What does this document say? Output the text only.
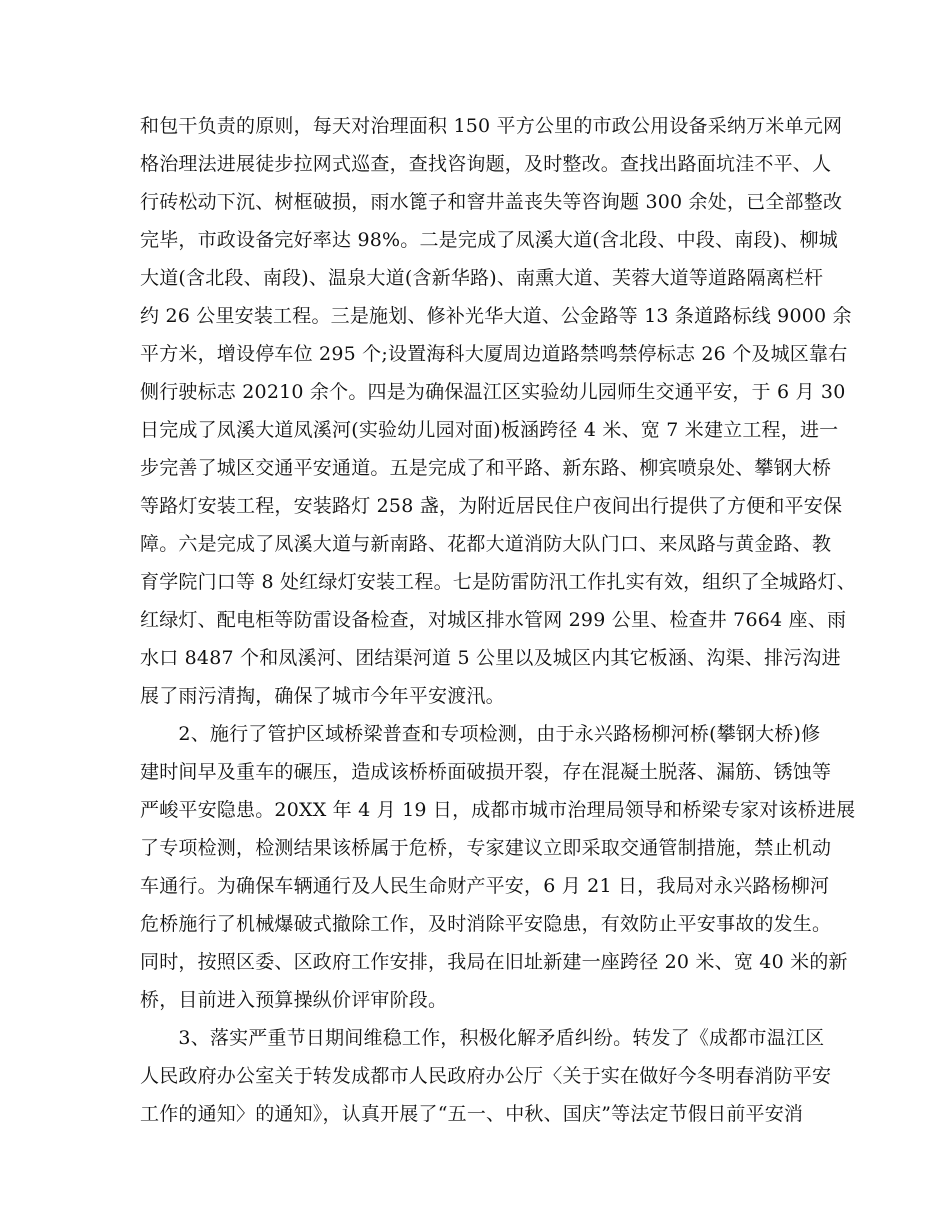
和包干负责的原则，每天对治理面积 150 平方公里的市政公用设备采纳万米单元网
格治理法进展徒步拉网式巡查，查找咨询题，及时整改。查找出路面坑洼不平、人
行砖松动下沉、树框破损，雨水篦子和窨井盖丧失等咨询题 300 余处，已全部整改
完毕，市政设备完好率达 98%。二是完成了凤溪大道(含北段、中段、南段)、柳城
大道(含北段、南段)、温泉大道(含新华路)、南熏大道、芙蓉大道等道路隔离栏杆
约 26 公里安装工程。三是施划、修补光华大道、公金路等 13 条道路标线 9000 余
平方米，增设停车位 295 个;设置海科大厦周边道路禁鸣禁停标志 26 个及城区靠右
侧行驶标志 20210 余个。四是为确保温江区实验幼儿园师生交通平安，于 6 月 30
日完成了凤溪大道凤溪河(实验幼儿园对面)板涵跨径 4 米、宽 7 米建立工程，进一
步完善了城区交通平安通道。五是完成了和平路、新东路、柳宾喷泉处、攀钢大桥
等路灯安装工程，安装路灯 258 盏，为附近居民住户夜间出行提供了方便和平安保
障。六是完成了凤溪大道与新南路、花都大道消防大队门口、来凤路与黄金路、教
育学院门口等 8 处红绿灯安装工程。七是防雷防汛工作扎实有效，组织了全城路灯、
红绿灯、配电柜等防雷设备检查，对城区排水管网 299 公里、检查井 7664 座、雨
水口 8487 个和凤溪河、团结渠河道 5 公里以及城区内其它板涵、沟渠、排污沟进
展了雨污清掏，确保了城市今年平安渡汛。
　　2、施行了管护区域桥梁普查和专项检测，由于永兴路杨柳河桥(攀钢大桥)修
建时间早及重车的碾压，造成该桥桥面破损开裂，存在混凝土脱落、漏筋、锈蚀等
严峻平安隐患。20XX 年 4 月 19 日，成都市城市治理局领导和桥梁专家对该桥进展
了专项检测，检测结果该桥属于危桥，专家建议立即采取交通管制措施，禁止机动
车通行。为确保车辆通行及人民生命财产平安，6 月 21 日，我局对永兴路杨柳河
危桥施行了机械爆破式撤除工作，及时消除平安隐患，有效防止平安事故的发生。
同时，按照区委、区政府工作安排，我局在旧址新建一座跨径 20 米、宽 40 米的新
桥，目前进入预算操纵价评审阶段。
　　3、落实严重节日期间维稳工作，积极化解矛盾纠纷。转发了《成都市温江区
人民政府办公室关于转发成都市人民政府办公厅〈关于实在做好今冬明春消防平安
工作的通知〉的通知》，认真开展了“五一、中秋、国庆”等法定节假日前平安消
